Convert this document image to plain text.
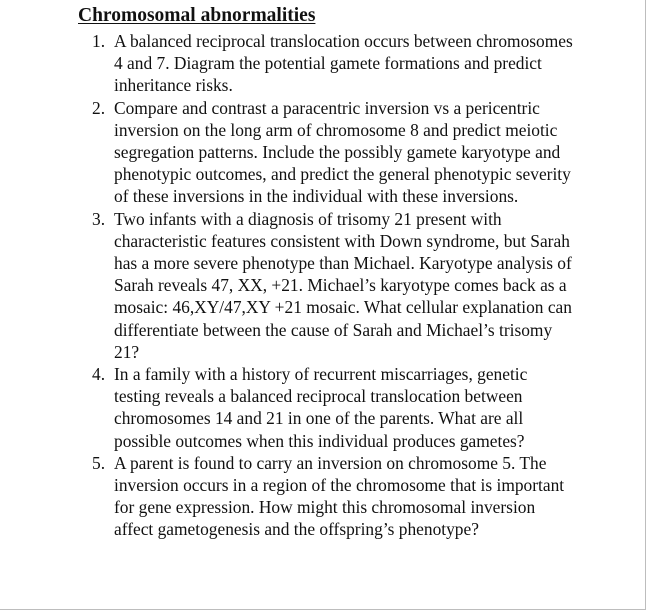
Chromosomal abnormalities
1. A balanced reciprocal translocation occurs between chromosomes 4 and 7. Diagram the potential gamete formations and predict inheritance risks.
2. Compare and contrast a paracentric inversion vs a pericentric inversion on the long arm of chromosome 8 and predict meiotic segregation patterns. Include the possibly gamete karyotype and phenotypic outcomes, and predict the general phenotypic severity of these inversions in the individual with these inversions.
3. Two infants with a diagnosis of trisomy 21 present with characteristic features consistent with Down syndrome, but Sarah has a more severe phenotype than Michael. Karyotype analysis of Sarah reveals 47, XX, +21. Michael’s karyotype comes back as a mosaic: 46,XY/47,XY +21 mosaic. What cellular explanation can differentiate between the cause of Sarah and Michael’s trisomy 21?
4. In a family with a history of recurrent miscarriages, genetic testing reveals a balanced reciprocal translocation between chromosomes 14 and 21 in one of the parents. What are all possible outcomes when this individual produces gametes?
5. A parent is found to carry an inversion on chromosome 5. The inversion occurs in a region of the chromosome that is important for gene expression. How might this chromosomal inversion affect gametogenesis and the offspring’s phenotype?
